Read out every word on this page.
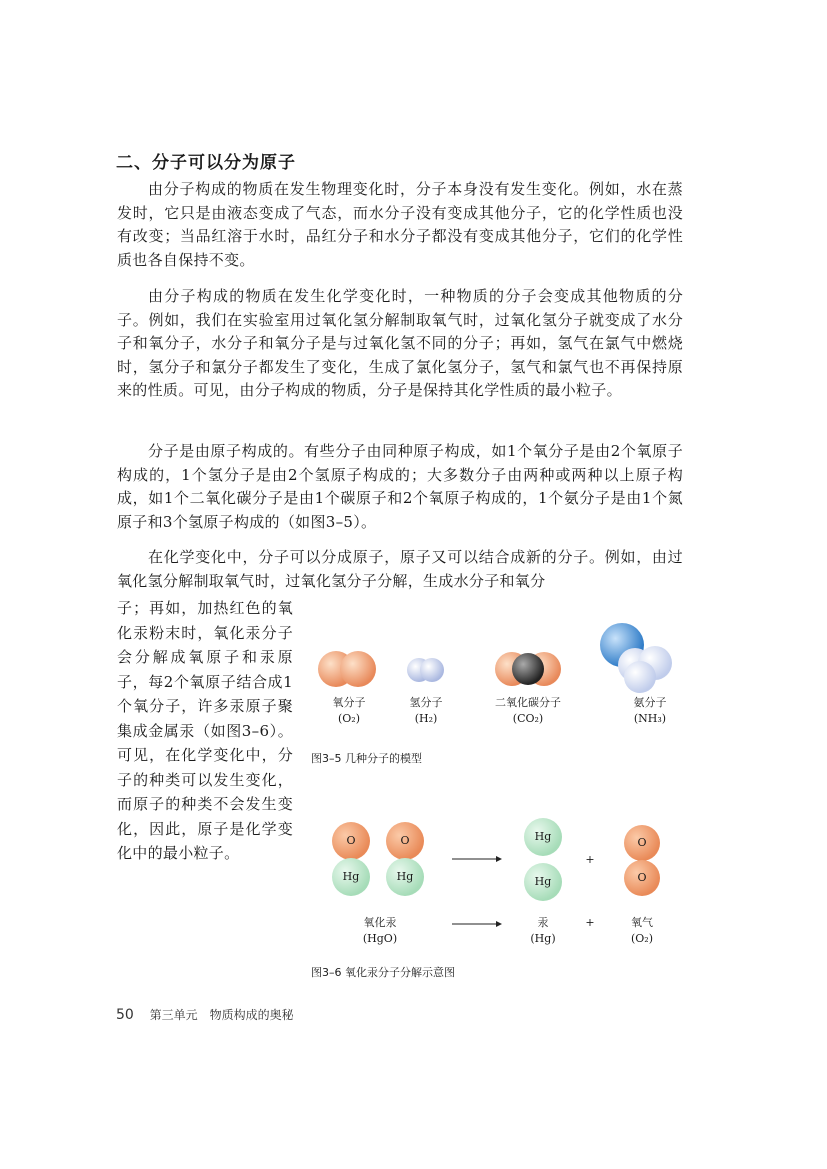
二、分子可以分为原子

由分子构成的物质在发生物理变化时，分子本身没有发生变化。例如，水在蒸发时，它只是由液态变成了气态，而水分子没有变成其他分子，它的化学性质也没有改变；当品红溶于水时，品红分子和水分子都没有变成其他分子，它们的化学性质也各自保持不变。

由分子构成的物质在发生化学变化时，一种物质的分子会变成其他物质的分子。例如，我们在实验室用过氧化氢分解制取氧气时，过氧化氢分子就变成了水分子和氧分子，水分子和氧分子是与过氧化氢不同的分子；再如，氢气在氯气中燃烧时，氢分子和氯分子都发生了变化，生成了氯化氢分子，氢气和氯气也不再保持原来的性质。可见，由分子构成的物质，分子是保持其化学性质的最小粒子。

分子是由原子构成的。有些分子由同种原子构成，如1个氧分子是由2个氧原子构成的，1个氢分子是由2个氢原子构成的；大多数分子由两种或两种以上原子构成，如1个二氧化碳分子是由1个碳原子和2个氧原子构成的，1个氨分子是由1个氮原子和3个氢原子构成的（如图3–5）。

在化学变化中，分子可以分成原子，原子又可以结合成新的分子。例如，由过氧化氢分解制取氧气时，过氧化氢分子分解，生成水分子和氧分

子；再如，加热红色的氧化汞粉末时，氧化汞分子会分解成氧原子和汞原子，每2个氧原子结合成1个氧分子，许多汞原子聚集成金属汞（如图3–6）。可见，在化学变化中，分子的种类可以发生变化，而原子的种类不会发生变化，因此，原子是化学变化中的最小粒子。

氧分子
(O₂)
氢分子
(H₂)
二氧化碳分子
(CO₂)
氨分子
(NH₃)
图3–5 几种分子的模型
O	O
Hg	Hg
Hg
Hg
O
O
+
氧化汞
(HgO)
汞
(Hg)
+	氧气
(O₂)
图3–6 氧化汞分子分解示意图
50 第三单元　物质构成的奥秘
